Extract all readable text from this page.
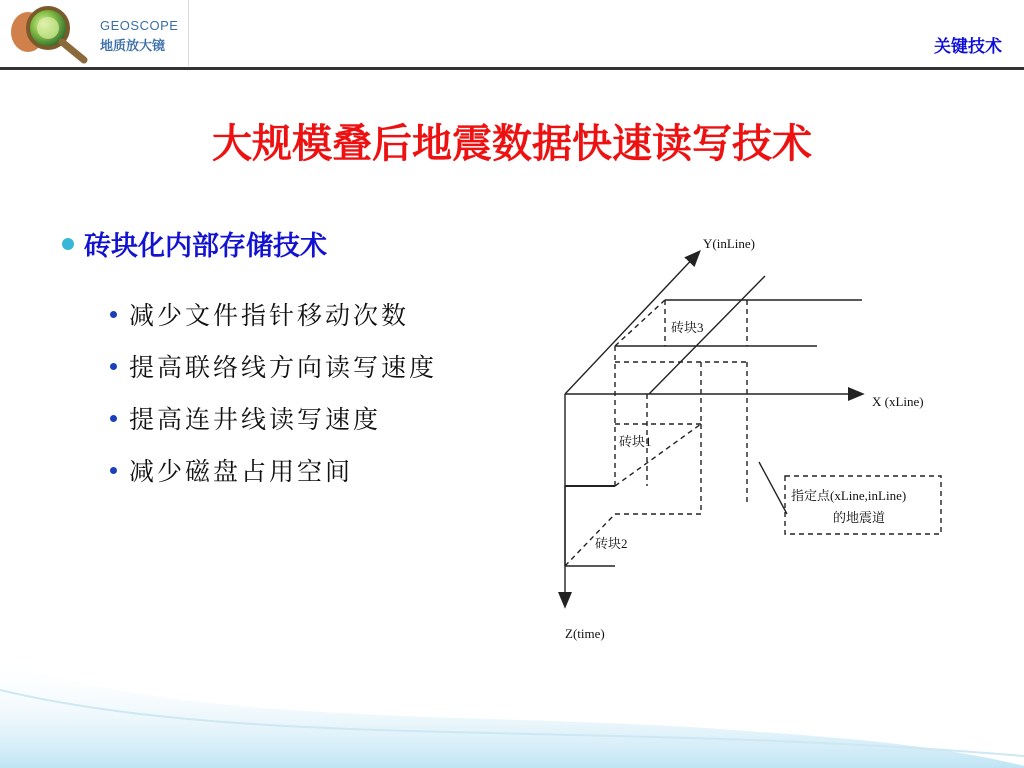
GEOSCOPE
地质放大镜	关键技术
大规模叠后地震数据快速读写技术
砖块化内部存储技术
减少文件指针移动次数
提高联络线方向读写速度
提高连井线读写速度
减少磁盘占用空间
Y(inLine)
X (xLine)
Z(time)
砖块3
砖块1
砖块2
指定点(xLine,inLine)
的地震道
